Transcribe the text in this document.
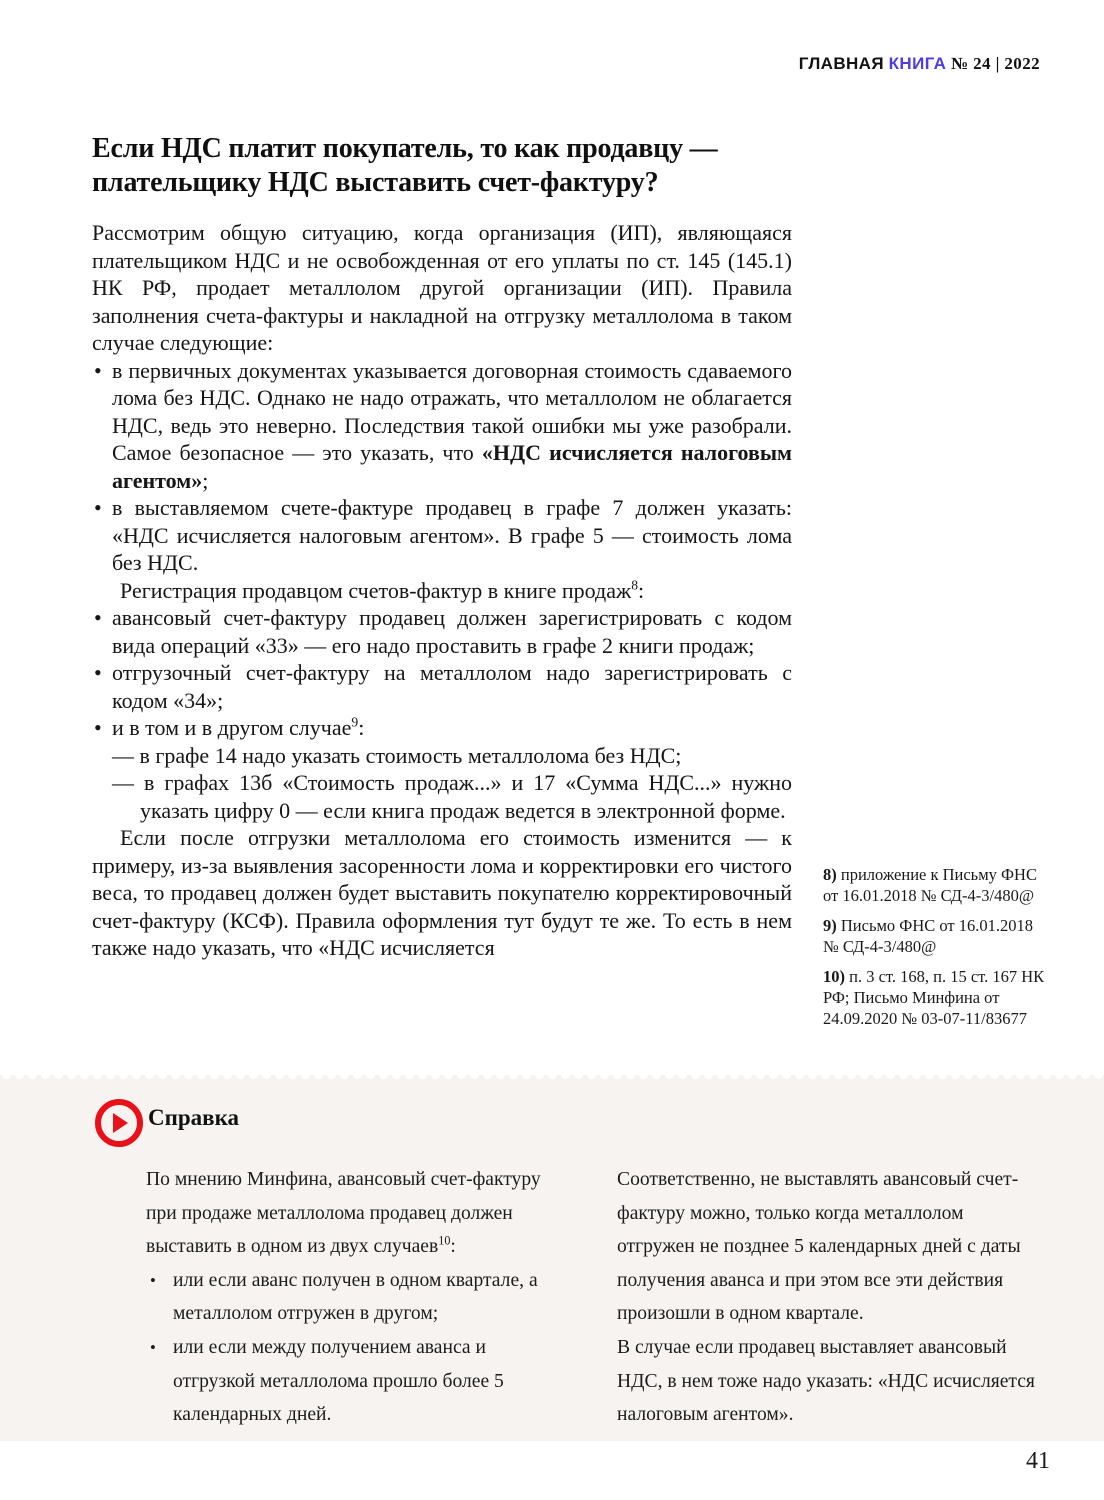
ГЛАВНАЯ КНИГА № 24 | 2022
Если НДС платит покупатель, то как продавцу —
плательщику НДС выставить счет-фактуру?

Рассмотрим общую ситуацию, когда организация (ИП), являющаяся плательщиком НДС и не освобожденная от его уплаты по ст. 145 (145.1) НК РФ, продает металлолом другой организации (ИП). Правила заполнения счета-фактуры и накладной на отгрузку металлолома в таком случае следующие:

• в первичных документах указывается договорная стоимость сдаваемого лома без НДС. Однако не надо отражать, что металлолом не облагается НДС, ведь это неверно. Последствия такой ошибки мы уже разобрали. Самое безопасное — это указать, что «НДС исчисляется налоговым агентом»;
• в выставляемом счете-фактуре продавец в графе 7 должен указать: «НДС исчисляется налоговым агентом». В графе 5 — стоимость лома без НДС.

Регистрация продавцом счетов-фактур в книге продаж$^8$:

• авансовый счет-фактуру продавец должен зарегистрировать с кодом вида операций «33» — его надо проставить в графе 2 книги продаж;
• отгрузочный счет-фактуру на металлолом надо зарегистрировать с кодом «34»;
• и в том и в другом случае$^9$:
— в графе 14 надо указать стоимость металлолома без НДС;
— в графах 13б «Стоимость продаж...» и 17 «Сумма НДС...» нужно указать цифру 0 — если книга продаж ведется в электронной форме.

Если после отгрузки металлолома его стоимость изменится — к примеру, из-за выявления засоренности лома и корректировки его чистого веса, то продавец должен будет выставить покупателю корректировочный счет-фактуру (КСФ). Правила оформления тут будут те же. То есть в нем также надо указать, что «НДС исчисляется

8) приложение к Письму ФНС от 16.01.2018 № СД-4-3/480@

9) Письмо ФНС от 16.01.2018 № СД-4-3/480@

10) п. 3 ст. 168, п. 15 ст. 167 НК РФ; Письмо Минфина от 24.09.2020 № 03-07-11/83677

Справка

По мнению Минфина, авансовый счет-фактуру при продаже металлолома продавец должен выставить в одном из двух случаев$^{10}$:

• или если аванс получен в одном квартале, а металлолом отгружен в другом;
• или если между получением аванса и отгрузкой металлолома прошло более 5 календарных дней.

Соответственно, не выставлять авансовый счет-фактуру можно, только когда металлолом отгружен не позднее 5 календарных дней с даты получения аванса и при этом все эти действия произошли в одном квартале.

В случае если продавец выставляет авансовый НДС, в нем тоже надо указать: «НДС исчисляется налоговым агентом».

41
